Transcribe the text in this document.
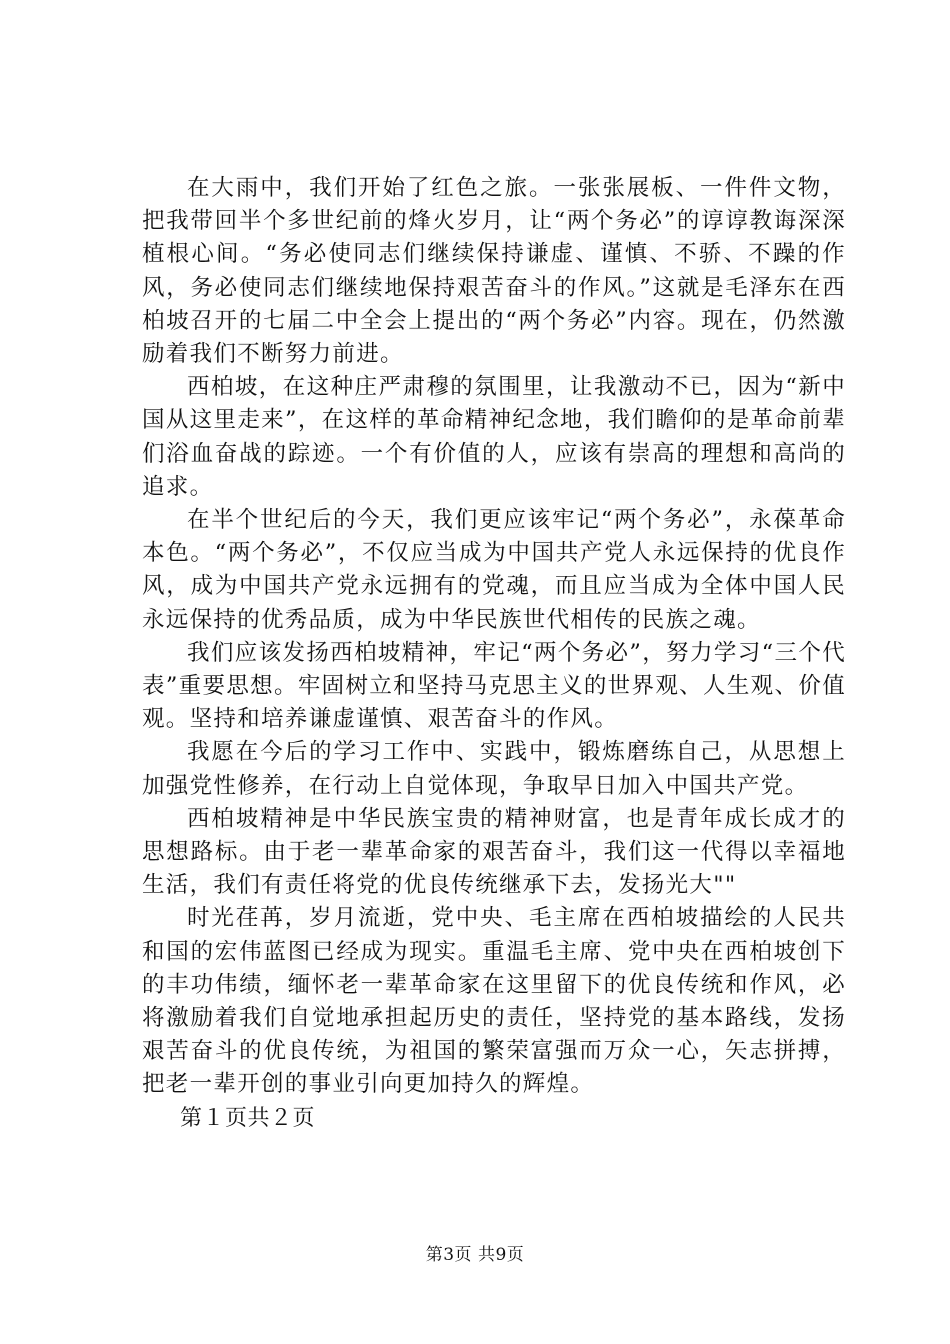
在大雨中，我们开始了红色之旅。一张张展板、一件件文物，把我带回半个多世纪前的烽火岁月，让“两个务必”的谆谆教诲深深植根心间。“务必使同志们继续保持谦虚、谨慎、不骄、不躁的作风，务必使同志们继续地保持艰苦奋斗的作风。”这就是毛泽东在西柏坡召开的七届二中全会上提出的“两个务必”内容。现在，仍然激励着我们不断努力前进。

西柏坡，在这种庄严肃穆的氛围里，让我激动不已，因为“新中国从这里走来”，在这样的革命精神纪念地，我们瞻仰的是革命前辈们浴血奋战的踪迹。一个有价值的人，应该有崇高的理想和高尚的追求。

在半个世纪后的今天，我们更应该牢记“两个务必”，永葆革命本色。“两个务必”，不仅应当成为中国共产党人永远保持的优良作风，成为中国共产党永远拥有的党魂，而且应当成为全体中国人民永远保持的优秀品质，成为中华民族世代相传的民族之魂。

我们应该发扬西柏坡精神，牢记“两个务必”，努力学习“三个代表”重要思想。牢固树立和坚持马克思主义的世界观、人生观、价值观。坚持和培养谦虚谨慎、艰苦奋斗的作风。

我愿在今后的学习工作中、实践中，锻炼磨练自己，从思想上加强党性修养，在行动上自觉体现，争取早日加入中国共产党。

西柏坡精神是中华民族宝贵的精神财富，也是青年成长成才的思想路标。由于老一辈革命家的艰苦奋斗，我们这一代得以幸福地生活，我们有责任将党的优良传统继承下去，发扬光大""

时光荏苒，岁月流逝，党中央、毛主席在西柏坡描绘的人民共和国的宏伟蓝图已经成为现实。重温毛主席、党中央在西柏坡创下的丰功伟绩，缅怀老一辈革命家在这里留下的优良传统和作风，必将激励着我们自觉地承担起历史的责任，坚持党的基本路线，发扬艰苦奋斗的优良传统，为祖国的繁荣富强而万众一心，矢志拼搏，把老一辈开创的事业引向更加持久的辉煌。

第１页共２页

第3页 共9页
